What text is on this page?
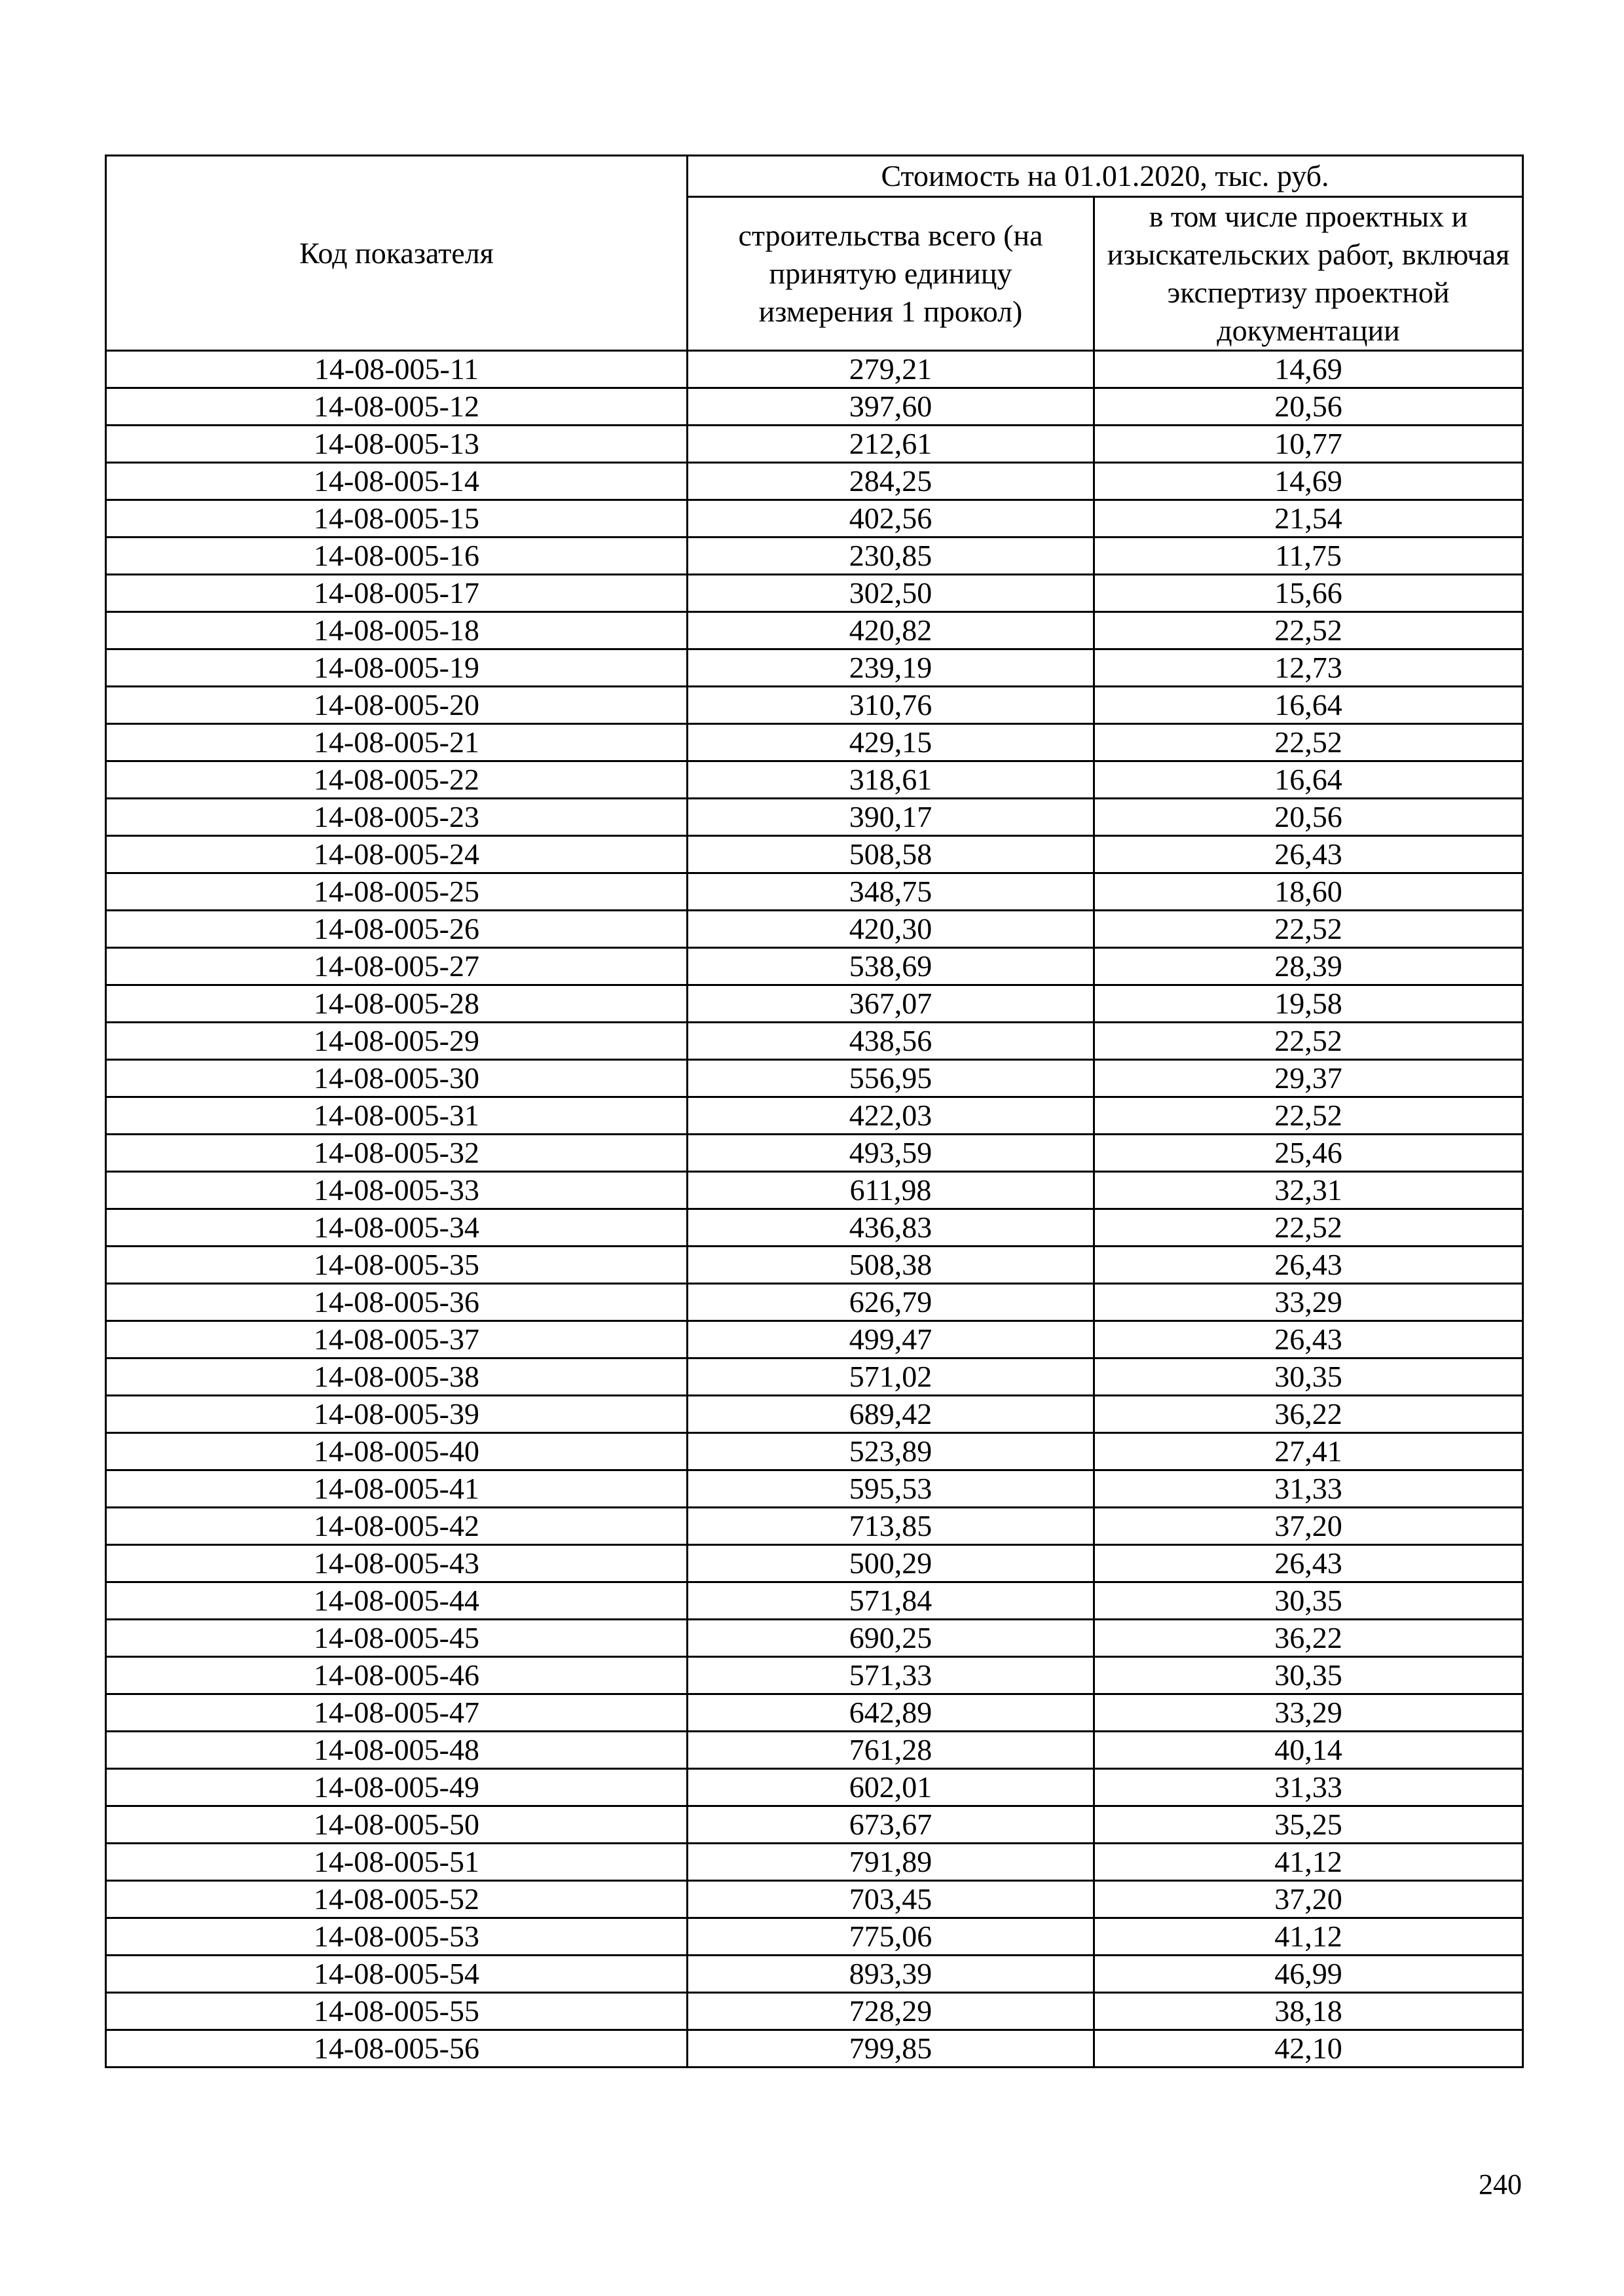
Код показателя	Стоимость на 01.01.2020, тыс. руб.	

	строительства всего (на принятую единицу измерения 1 прокол)	в том числе проектных и изыскательских работ, включая экспертизу проектной документации

14-08-005-11	279,21	14,69
14-08-005-12	397,60	20,56
14-08-005-13	212,61	10,77
14-08-005-14	284,25	14,69
14-08-005-15	402,56	21,54
14-08-005-16	230,85	11,75
14-08-005-17	302,50	15,66
14-08-005-18	420,82	22,52
14-08-005-19	239,19	12,73
14-08-005-20	310,76	16,64
14-08-005-21	429,15	22,52
14-08-005-22	318,61	16,64
14-08-005-23	390,17	20,56
14-08-005-24	508,58	26,43
14-08-005-25	348,75	18,60
14-08-005-26	420,30	22,52
14-08-005-27	538,69	28,39
14-08-005-28	367,07	19,58
14-08-005-29	438,56	22,52
14-08-005-30	556,95	29,37
14-08-005-31	422,03	22,52
14-08-005-32	493,59	25,46
14-08-005-33	611,98	32,31
14-08-005-34	436,83	22,52
14-08-005-35	508,38	26,43
14-08-005-36	626,79	33,29
14-08-005-37	499,47	26,43
14-08-005-38	571,02	30,35
14-08-005-39	689,42	36,22
14-08-005-40	523,89	27,41
14-08-005-41	595,53	31,33
14-08-005-42	713,85	37,20
14-08-005-43	500,29	26,43
14-08-005-44	571,84	30,35
14-08-005-45	690,25	36,22
14-08-005-46	571,33	30,35
14-08-005-47	642,89	33,29
14-08-005-48	761,28	40,14
14-08-005-49	602,01	31,33
14-08-005-50	673,67	35,25
14-08-005-51	791,89	41,12
14-08-005-52	703,45	37,20
14-08-005-53	775,06	41,12
14-08-005-54	893,39	46,99
14-08-005-55	728,29	38,18
14-08-005-56	799,85	42,10
240
